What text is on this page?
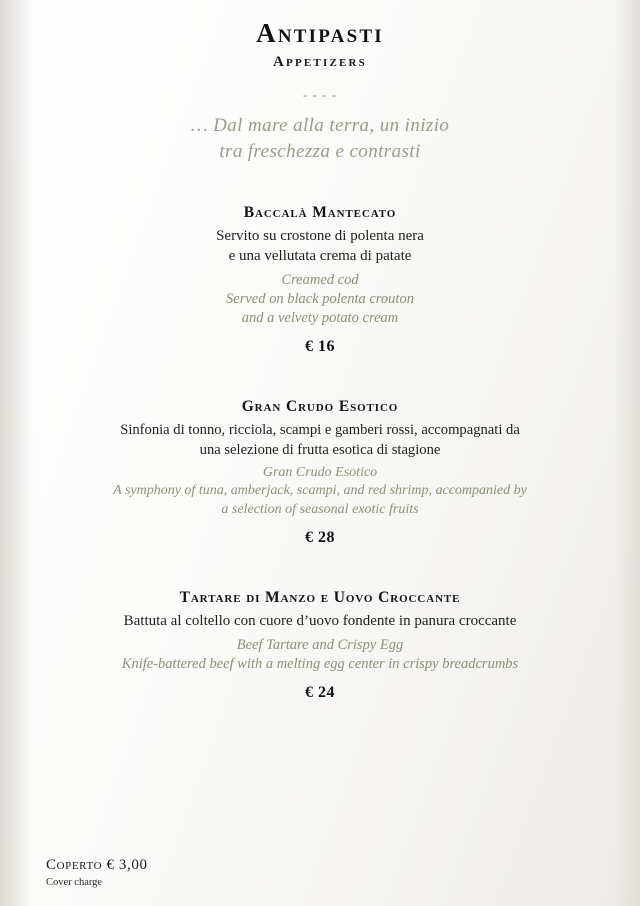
Antipasti
Appetizers
- - - -
… Dal mare alla terra, un inizio
tra freschezza e contrasti
Baccalà Mantecato
Servito su crostone di polenta nera
e una vellutata crema di patate
Creamed cod
Served on black polenta crouton
and a velvety potato cream
€ 16
Gran Crudo Esotico
Sinfonia di tonno, ricciola, scampi e gamberi rossi, accompagnati da
una selezione di frutta esotica di stagione
Gran Crudo Esotico
A symphony of tuna, amberjack, scampi, and red shrimp, accompanied by
a selection of seasonal exotic fruits
€ 28
Tartare di Manzo e Uovo Croccante
Battuta al coltello con cuore d’uovo fondente in panura croccante
Beef Tartare and Crispy Egg
Knife-battered beef with a melting egg center in crispy breadcrumbs
€ 24
Coperto € 3,00
Cover charge
